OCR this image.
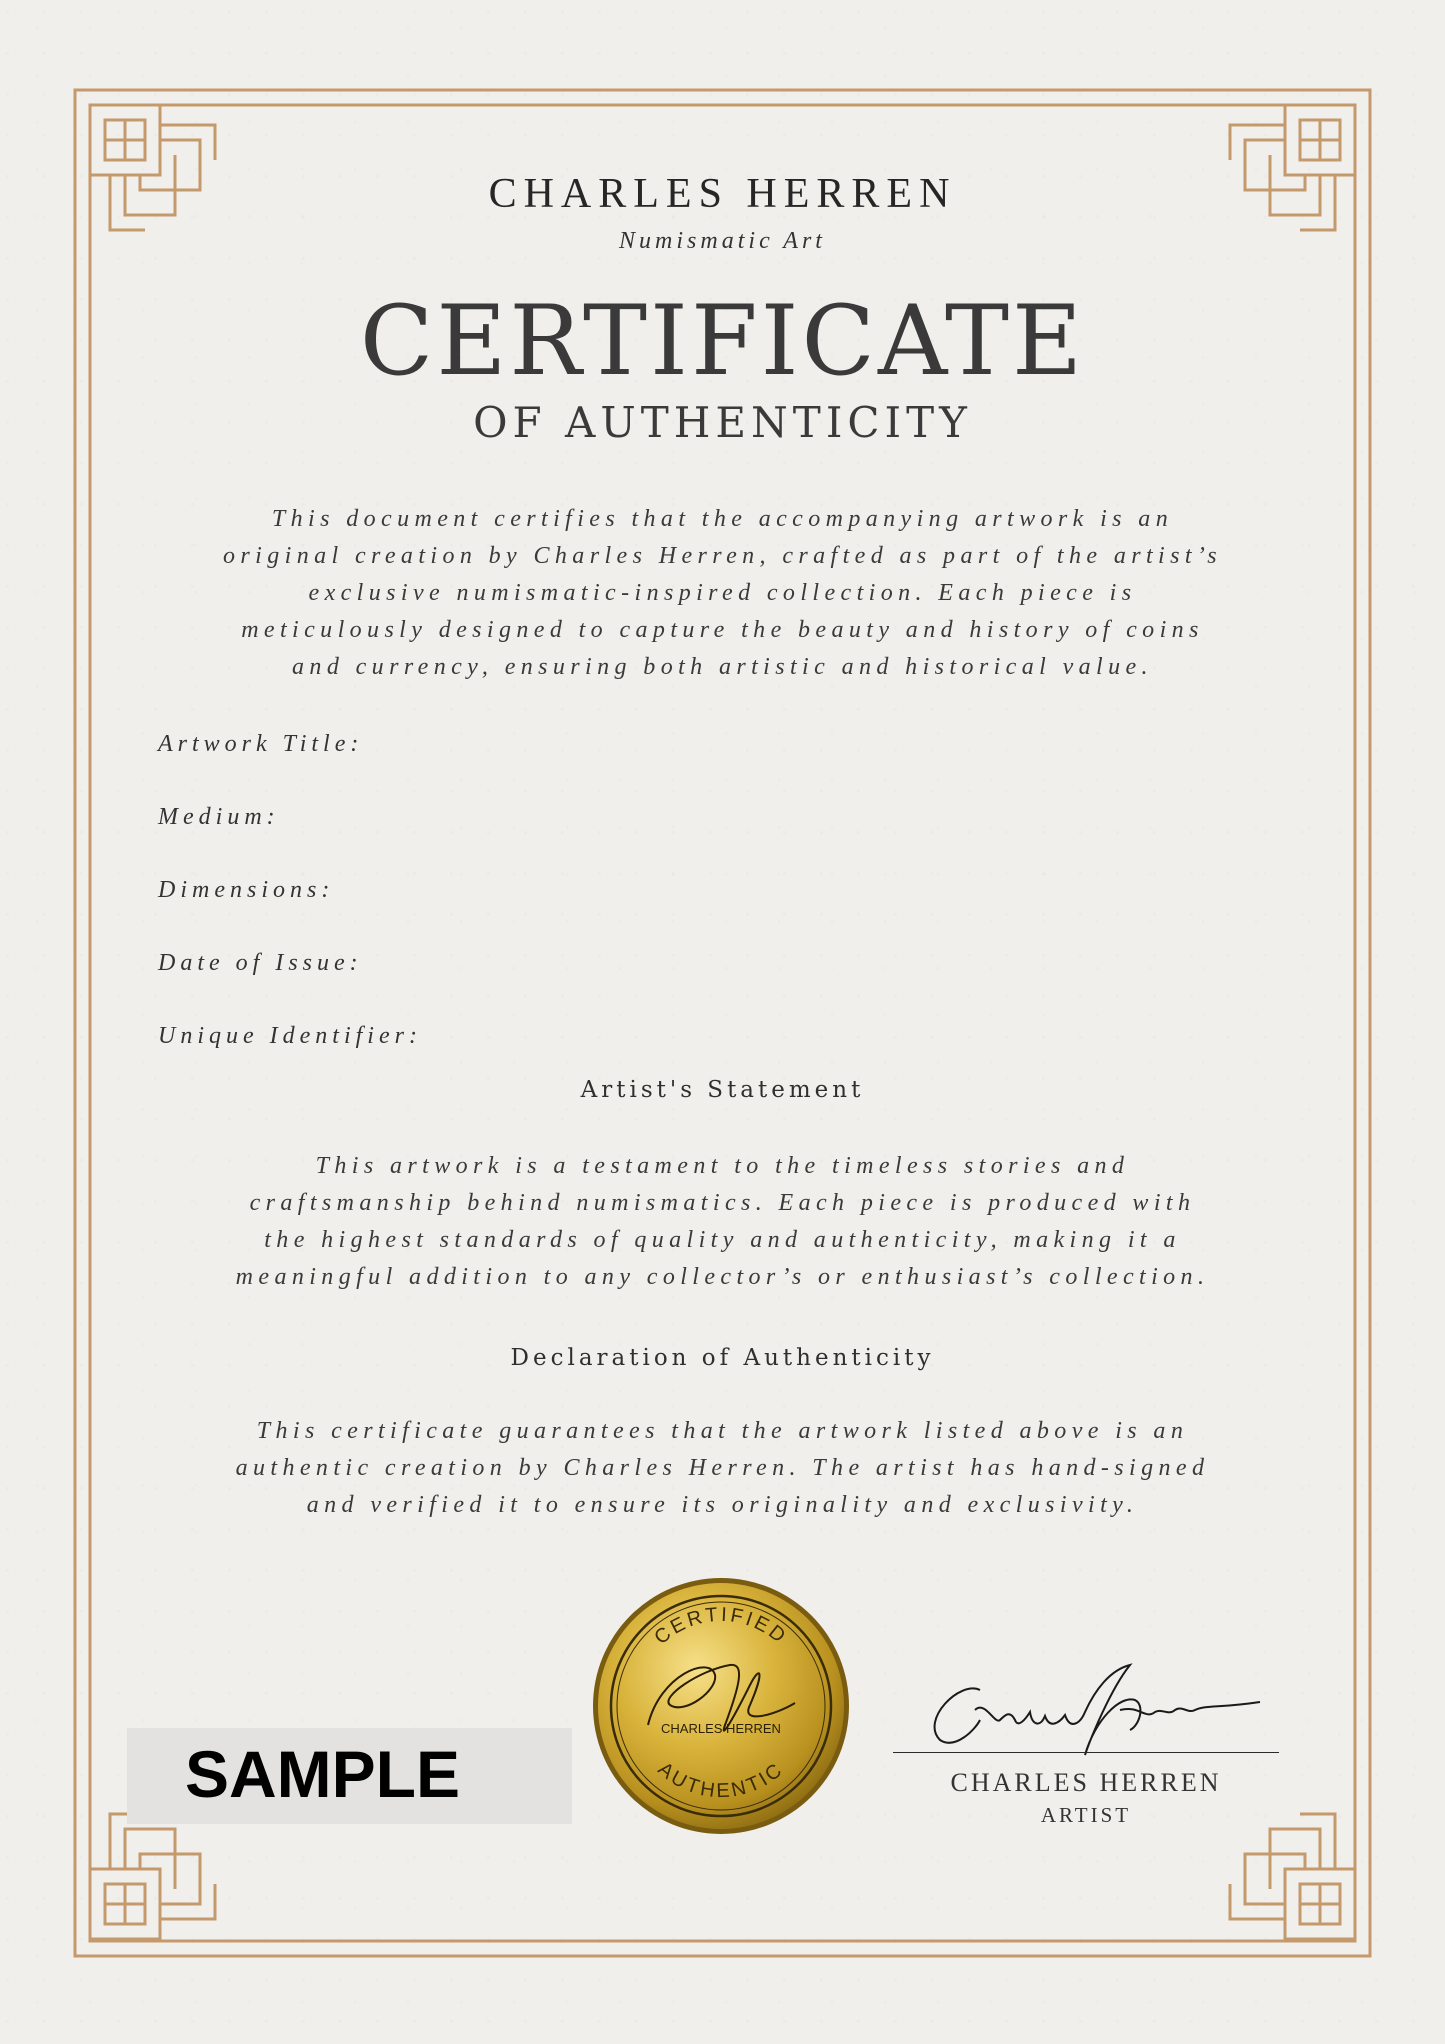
CHARLES HERREN
Numismatic Art
CERTIFICATE
OF AUTHENTICITY
This document certifies that the accompanying artwork is an
original creation by Charles Herren, crafted as part of the artist’s
exclusive numismatic-inspired collection. Each piece is
meticulously designed to capture the beauty and history of coins
and currency, ensuring both artistic and historical value.
Artwork Title:
Medium:
Dimensions:
Date of Issue:
Unique Identifier:
Artist's Statement
This artwork is a testament to the timeless stories and
craftsmanship behind numismatics. Each piece is produced with
the highest standards of quality and authenticity, making it a
meaningful addition to any collector’s or enthusiast’s collection.
Declaration of Authenticity
This certificate guarantees that the artwork listed above is an
authentic creation by Charles Herren. The artist has hand-signed
and verified it to ensure its originality and exclusivity.
CERTIFIED
AUTHENTIC
CHARLES HERREN
CHARLES HERREN
ARTIST
SAMPLE
